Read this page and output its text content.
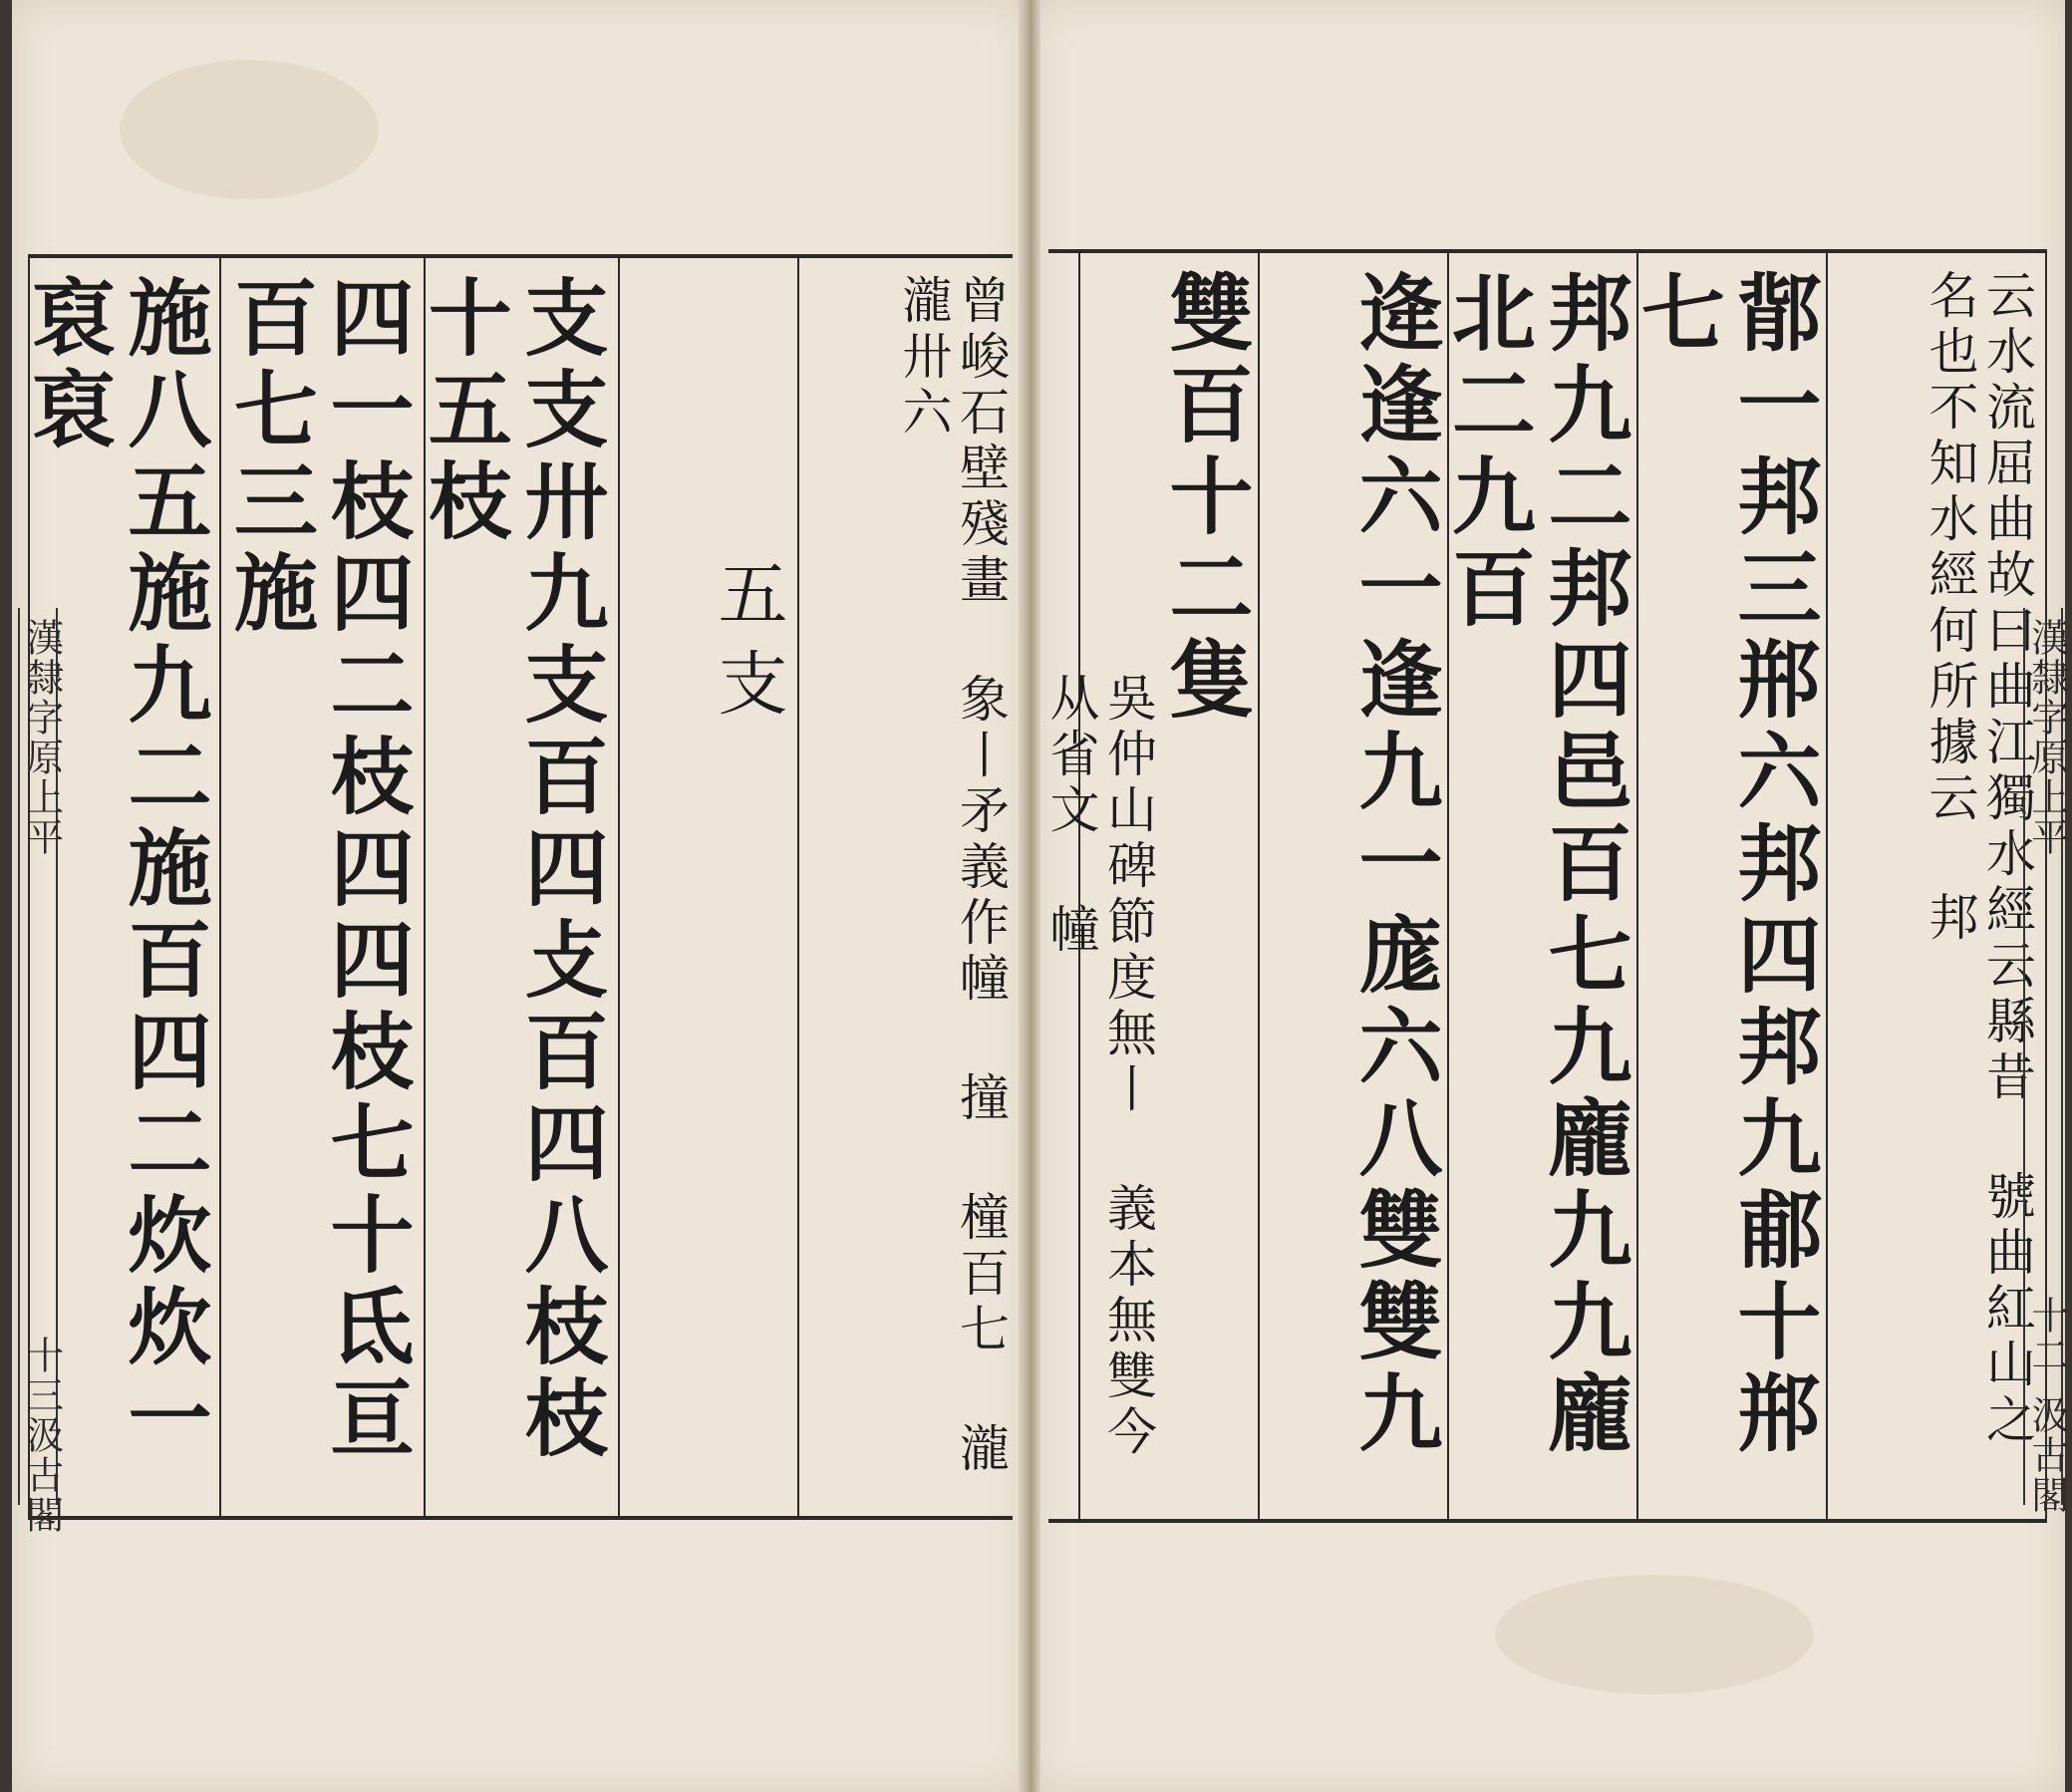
曾峻石壁殘畫 象丨矛義作幢 撞 橦百七 瀧 瀧卅六
五支
支支卅九支百四攴百四八枝枝十五枝
四一枝四二枝四四枝七十氐亘百七三施
施八五施九二施百四二炊炊一裒裒
漢隸字原上平
十三
汲古閣
云水流屈曲故曰曲江獨水經云縣昔 號曲紅山之名也不知水經何所據云 邦
鄁一邦三郱六邦四邦九郙十郱七
邦九二邦四邑百七九龐九九龐北二九百
逄逢六一逢九一庬六八雙雙九
雙百十二隻
吳仲山碑節度無丨 義本無雙今从省文 幢	漢隸字原上平
十二
汲古閣
